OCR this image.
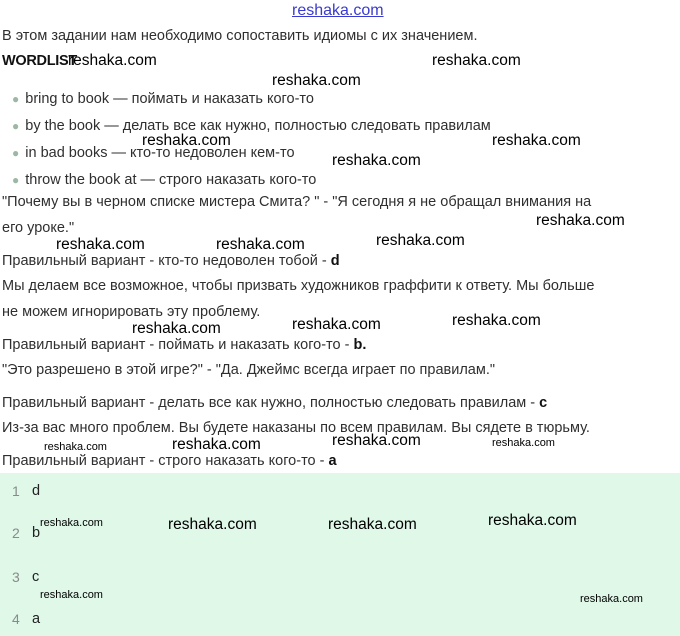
reshaka.com
В этом задании нам необходимо сопоставить идиомы с их значением.
WORDLIST
● bring to book — поймать и наказать кого-то
● by the book — делать все как нужно, полностью следовать правилам
● in bad books — кто-то недоволен кем-то
● throw the book at — строго наказать кого-то
"Почему вы в черном списке мистера Смита? " - "Я сегодня я не обращал внимания на
его уроке."
Правильный вариант - кто-то недоволен тобой - d
Мы делаем все возможное, чтобы призвать художников граффити к ответу. Мы больше
не можем игнорировать эту проблему.
Правильный вариант - поймать и наказать кого-то - b.
"Это разрешено в этой игре?" - "Да. Джеймс всегда играет по правилам."
Правильный вариант - делать все как нужно, полностью следовать правилам - c
Из-за вас много проблем. Вы будете наказаны по всем правилам. Вы сядете в тюрьму.
Правильный вариант - строго наказать кого-то - a
1 d
2 b
3 c
4 a
reshaka.com	reshaka.com
reshaka.com
reshaka.com	reshaka.com
reshaka.com
reshaka.com
reshaka.com	reshaka.com	reshaka.com
reshaka.com	reshaka.com	reshaka.com
reshaka.com	reshaka.com	reshaka.com	reshaka.com
reshaka.com	reshaka.com	reshaka.com	reshaka.com
reshaka.com	reshaka.com
